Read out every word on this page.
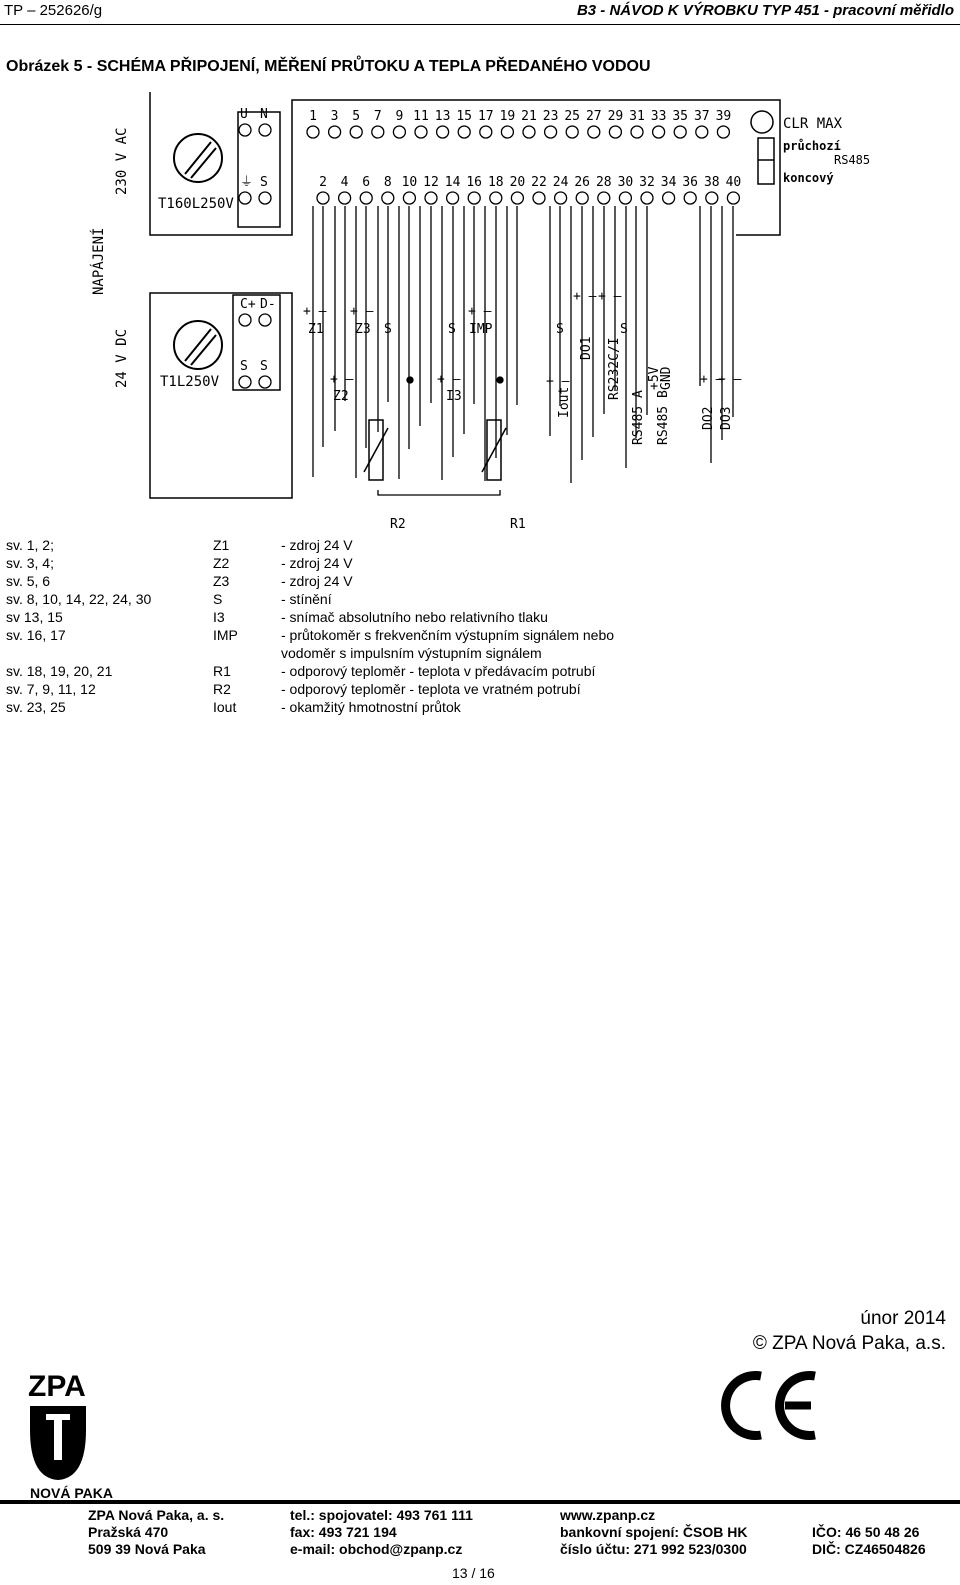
TP – 252626/g	B3 - NÁVOD K VÝROBKU TYP 451 - pracovní měřidlo
Obrázek 5 - SCHÉMA PŘIPOJENÍ, MĚŘENÍ PRŮTOKU A TEPLA PŘEDANÉHO VODOU
230 V AC
NAPÁJENÍ
24 V DC
T160L250V
T1L250V
CLR MAX
průchozí
RS485
koncový
U N
⏚ S
C+ D-
S S
1 3 5 7 9 11 13 15 17 19 21 23 25 27 29 31 33 35 37 39
2 4 6 8 10 12 14 16 18 20 22 24 26 28 30 32 34 36 38 40
Z1 Z3 S	S IMP	S	S
Z2	I3
+ – + –	+ –
+ – + –
+ –	+ –	+ –	+ –
+ –
Iout
DO1 RS232C/I
RS485 A RS485 B
+5V
GND
DO2 DO3
R2	R1
sv. 1, 2;	Z1	- zdroj 24 V
sv. 3, 4;	Z2	- zdroj 24 V
sv. 5, 6	Z3	- zdroj 24 V
sv. 8, 10, 14, 22, 24, 30	S	- stínění
sv 13, 15	I3	- snímač absolutního nebo relativního tlaku
sv. 16, 17	IMP	- průtokoměr s frekvenčním výstupním signálem nebo
vodoměr s impulsním výstupním signálem
sv. 18, 19, 20, 21	R1	- odporový teploměr - teplota v předávacím potrubí
sv. 7, 9, 11, 12	R2	- odporový teploměr - teplota ve vratném potrubí
sv. 23, 25	Iout	- okamžitý hmotnostní průtok
únor 2014
© ZPA Nová Paka, a.s.
ZPA
NOVÁ PAKA
ZPA Nová Paka, a. s.
Pražská 470
509 39 Nová Paka
tel.: spojovatel: 493 761 111
fax: 493 721 194
e-mail: obchod@zpanp.cz
www.zpanp.cz
bankovní spojení: ČSOB HK
číslo účtu: 271 992 523/0300
IČO: 46 50 48 26
DIČ: CZ46504826
13 / 16
